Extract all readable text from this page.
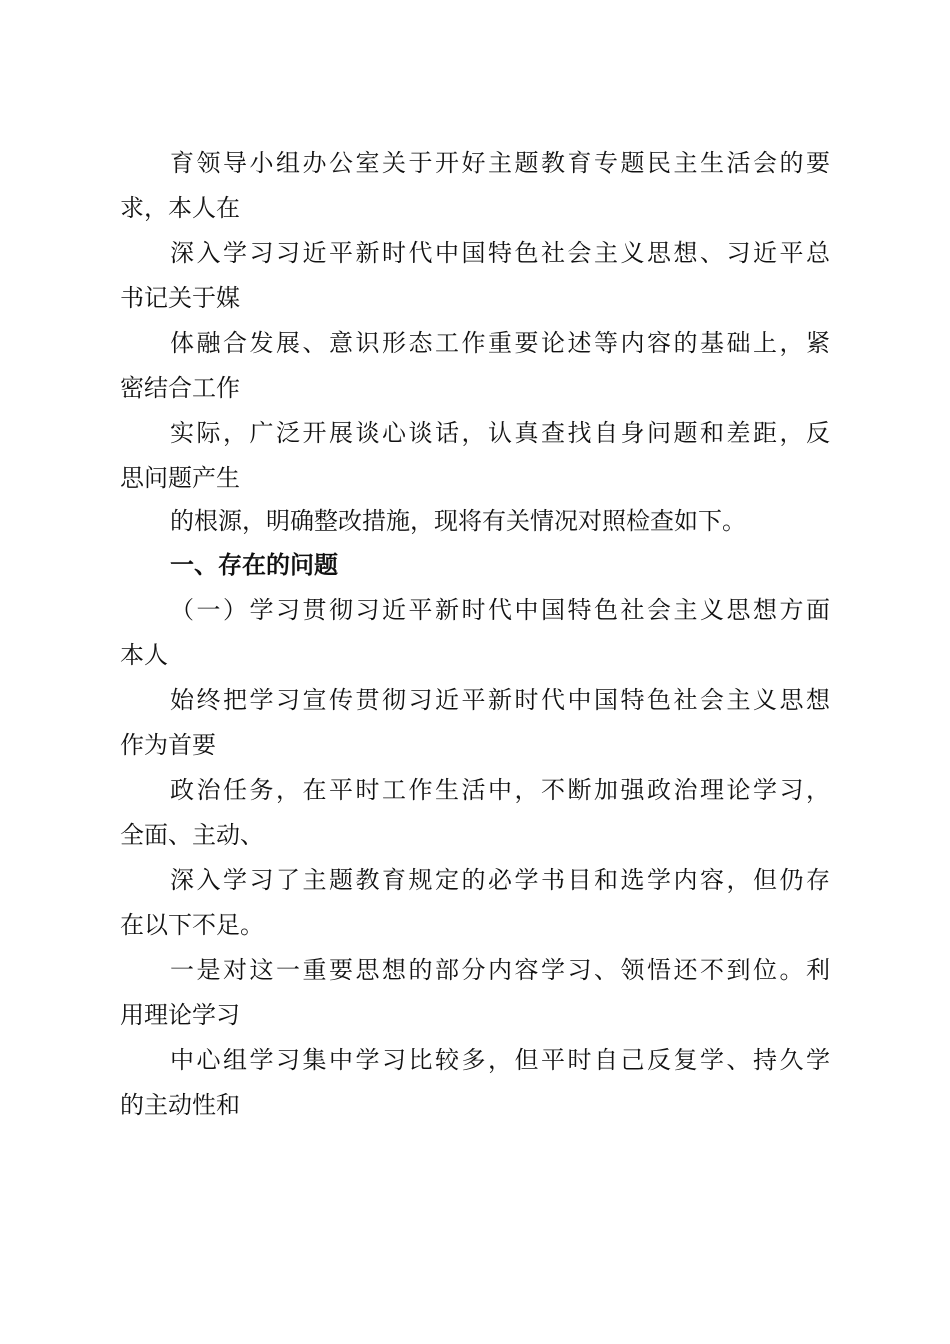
育领导小组办公室关于开好主题教育专题民主生活会的要
求，本人在
深入学习习近平新时代中国特色社会主义思想、习近平总
书记关于媒
体融合发展、意识形态工作重要论述等内容的基础上，紧
密结合工作
实际，广泛开展谈心谈话，认真查找自身问题和差距，反
思问题产生
的根源，明确整改措施，现将有关情况对照检查如下。
一、存在的问题
（一）学习贯彻习近平新时代中国特色社会主义思想方面
本人
始终把学习宣传贯彻习近平新时代中国特色社会主义思想
作为首要
政治任务，在平时工作生活中，不断加强政治理论学习，
全面、主动、
深入学习了主题教育规定的必学书目和选学内容，但仍存
在以下不足。
一是对这一重要思想的部分内容学习、领悟还不到位。利
用理论学习
中心组学习集中学习比较多，但平时自己反复学、持久学
的主动性和
